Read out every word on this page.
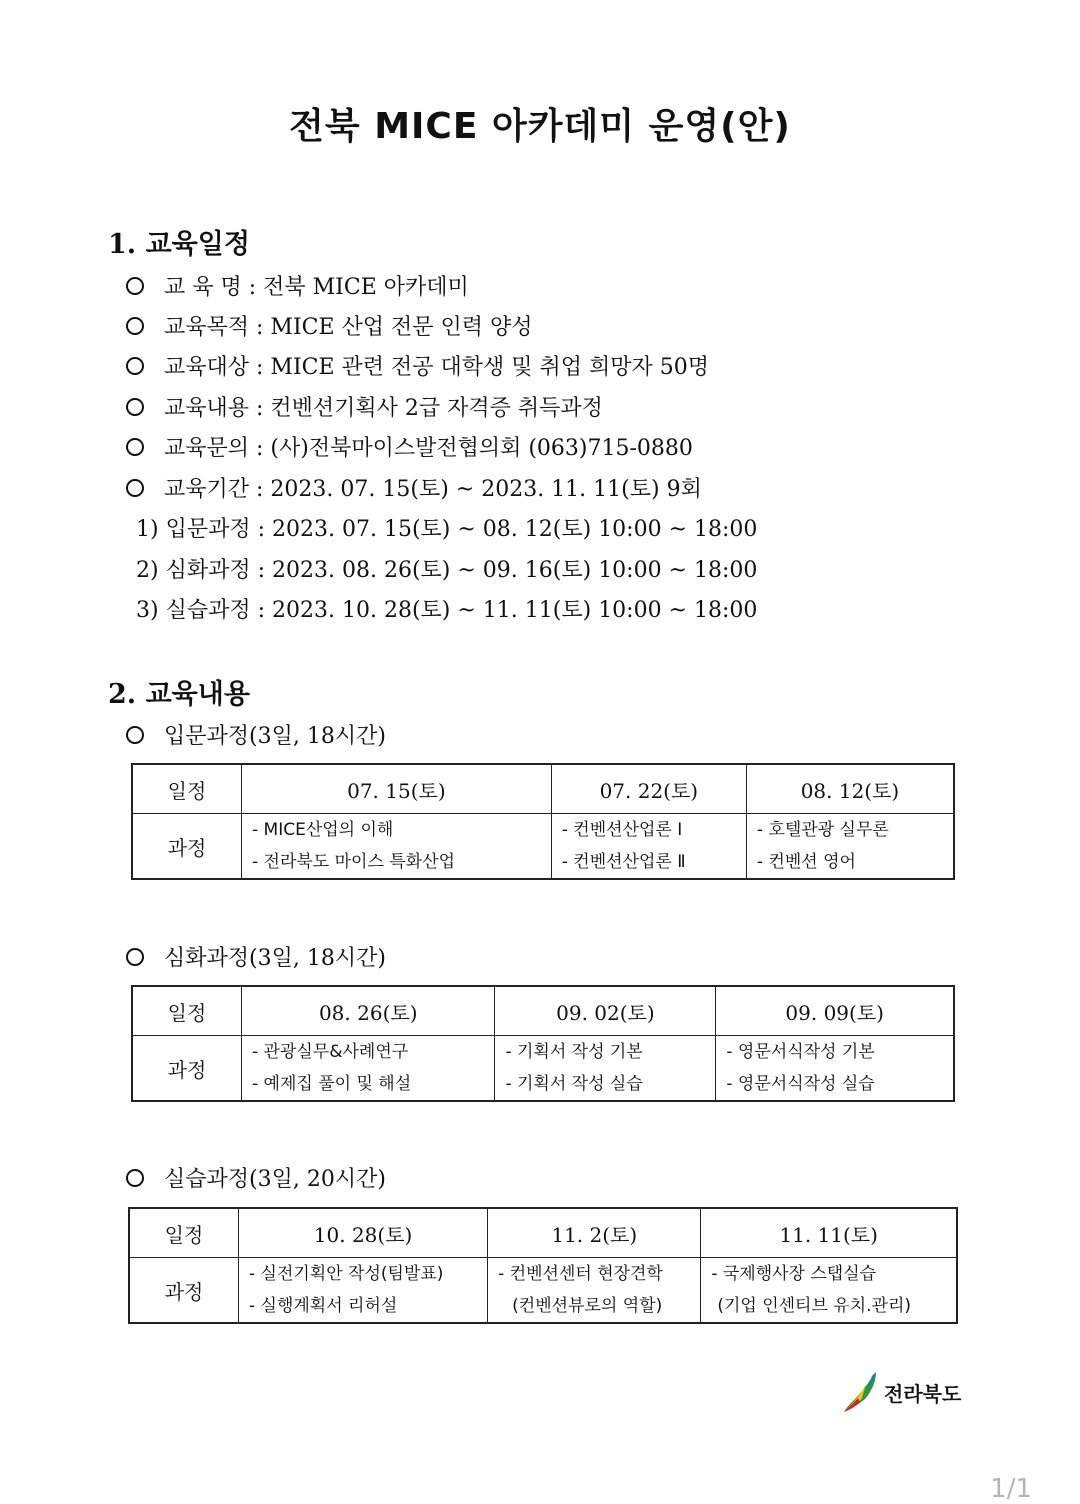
전북 MICE 아카데미 운영(안)
1. 교육일정
교 육 명 : 전북 MICE 아카데미
교육목적 : MICE 산업 전문 인력 양성
교육대상 : MICE 관련 전공 대학생 및 취업 희망자 50명
교육내용 : 컨벤션기획사 2급 자격증 취득과정
교육문의 : (사)전북마이스발전협의회 (063)715-0880
교육기간 : 2023. 07. 15(토) ~ 2023. 11. 11(토) 9회
1) 입문과정 : 2023. 07. 15(토) ~ 08. 12(토) 10:00 ~ 18:00
2) 심화과정 : 2023. 08. 26(토) ~ 09. 16(토) 10:00 ~ 18:00
3) 실습과정 : 2023. 10. 28(토) ~ 11. 11(토) 10:00 ~ 18:00
2. 교육내용
입문과정(3일, 18시간)
일정	07. 15(토)	07. 22(토)	08. 12(토)
과정	
- MICE산업의 이해
- 전라북도 마이스 특화산업

- 컨벤션산업론 Ⅰ
- 컨벤션산업론 Ⅱ

- 호텔관광 실무론
- 컨벤션 영어
심화과정(3일, 18시간)
일정	08. 26(토)	09. 02(토)	09. 09(토)
과정	
- 관광실무&사례연구
- 예제집 풀이 및 해설

- 기획서 작성 기본
- 기획서 작성 실습

- 영문서식작성 기본
- 영문서식작성 실습
실습과정(3일, 20시간)
일정	10. 28(토)	11. 2(토)	11. 11(토)
과정	
- 실전기획안 작성(팀발표)
- 실행계획서 리허설

- 컨벤션센터 현장견학
(컨벤션뷰로의 역할)

- 국제행사장 스탭실습
(기업 인센티브 유치.관리)
전라북도
1/1
